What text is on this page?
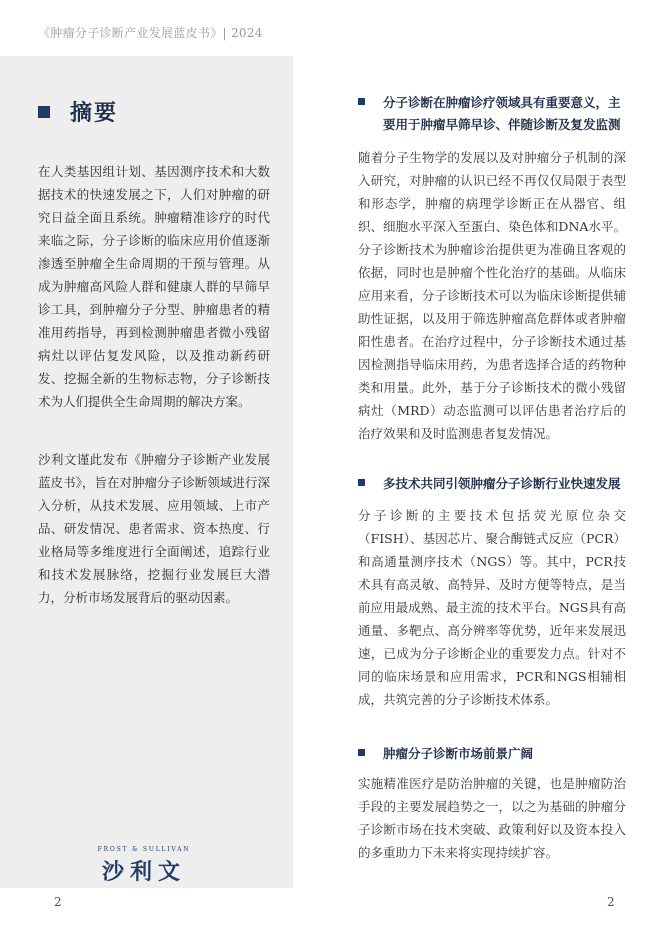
《肿瘤分子诊断产业发展蓝皮书》| 2024
摘要
在人类基因组计划、基因测序技术和大数据技术的快速发展之下，人们对肿瘤的研究日益全面且系统。肿瘤精准诊疗的时代来临之际，分子诊断的临床应用价值逐渐渗透至肿瘤全生命周期的干预与管理。从成为肿瘤高风险人群和健康人群的早筛早诊工具，到肿瘤分子分型、肿瘤患者的精准用药指导，再到检测肿瘤患者微小残留病灶以评估复发风险，以及推动新药研发、挖掘全新的生物标志物，分子诊断技术为人们提供全生命周期的解决方案。
沙利文谨此发布《肿瘤分子诊断产业发展蓝皮书》，旨在对肿瘤分子诊断领域进行深入分析，从技术发展、应用领域、上市产品、研发情况、患者需求、资本热度、行业格局等多维度进行全面阐述，追踪行业和技术发展脉络，挖掘行业发展巨大潜力，分析市场发展背后的驱动因素。
FROST & SULLIVAN
沙利文
分子诊断在肿瘤诊疗领域具有重要意义，主要用于肿瘤早筛早诊、伴随诊断及复发监测
随着分子生物学的发展以及对肿瘤分子机制的深入研究，对肿瘤的认识已经不再仅仅局限于表型和形态学，肿瘤的病理学诊断正在从器官、组织、细胞水平深入至蛋白、染色体和DNA水平。分子诊断技术为肿瘤诊治提供更为准确且客观的依据，同时也是肿瘤个性化治疗的基础。从临床应用来看，分子诊断技术可以为临床诊断提供辅助性证据，以及用于筛选肿瘤高危群体或者肿瘤阳性患者。在治疗过程中，分子诊断技术通过基因检测指导临床用药，为患者选择合适的药物种类和用量。此外，基于分子诊断技术的微小残留病灶（MRD）动态监测可以评估患者治疗后的治疗效果和及时监测患者复发情况。
多技术共同引领肿瘤分子诊断行业快速发展
分子诊断的主要技术包括荧光原位杂交（FISH）、基因芯片、聚合酶链式反应（PCR）和高通量测序技术（NGS）等。其中，PCR技术具有高灵敏、高特异、及时方便等特点，是当前应用最成熟、最主流的技术平台。NGS具有高通量、多靶点、高分辨率等优势，近年来发展迅速，已成为分子诊断企业的重要发力点。针对不同的临床场景和应用需求，PCR和NGS相辅相成，共筑完善的分子诊断技术体系。
肿瘤分子诊断市场前景广阔
实施精准医疗是防治肿瘤的关键，也是肿瘤防治手段的主要发展趋势之一，以之为基础的肿瘤分子诊断市场在技术突破、政策利好以及资本投入的多重助力下未来将实现持续扩容。
2	2
